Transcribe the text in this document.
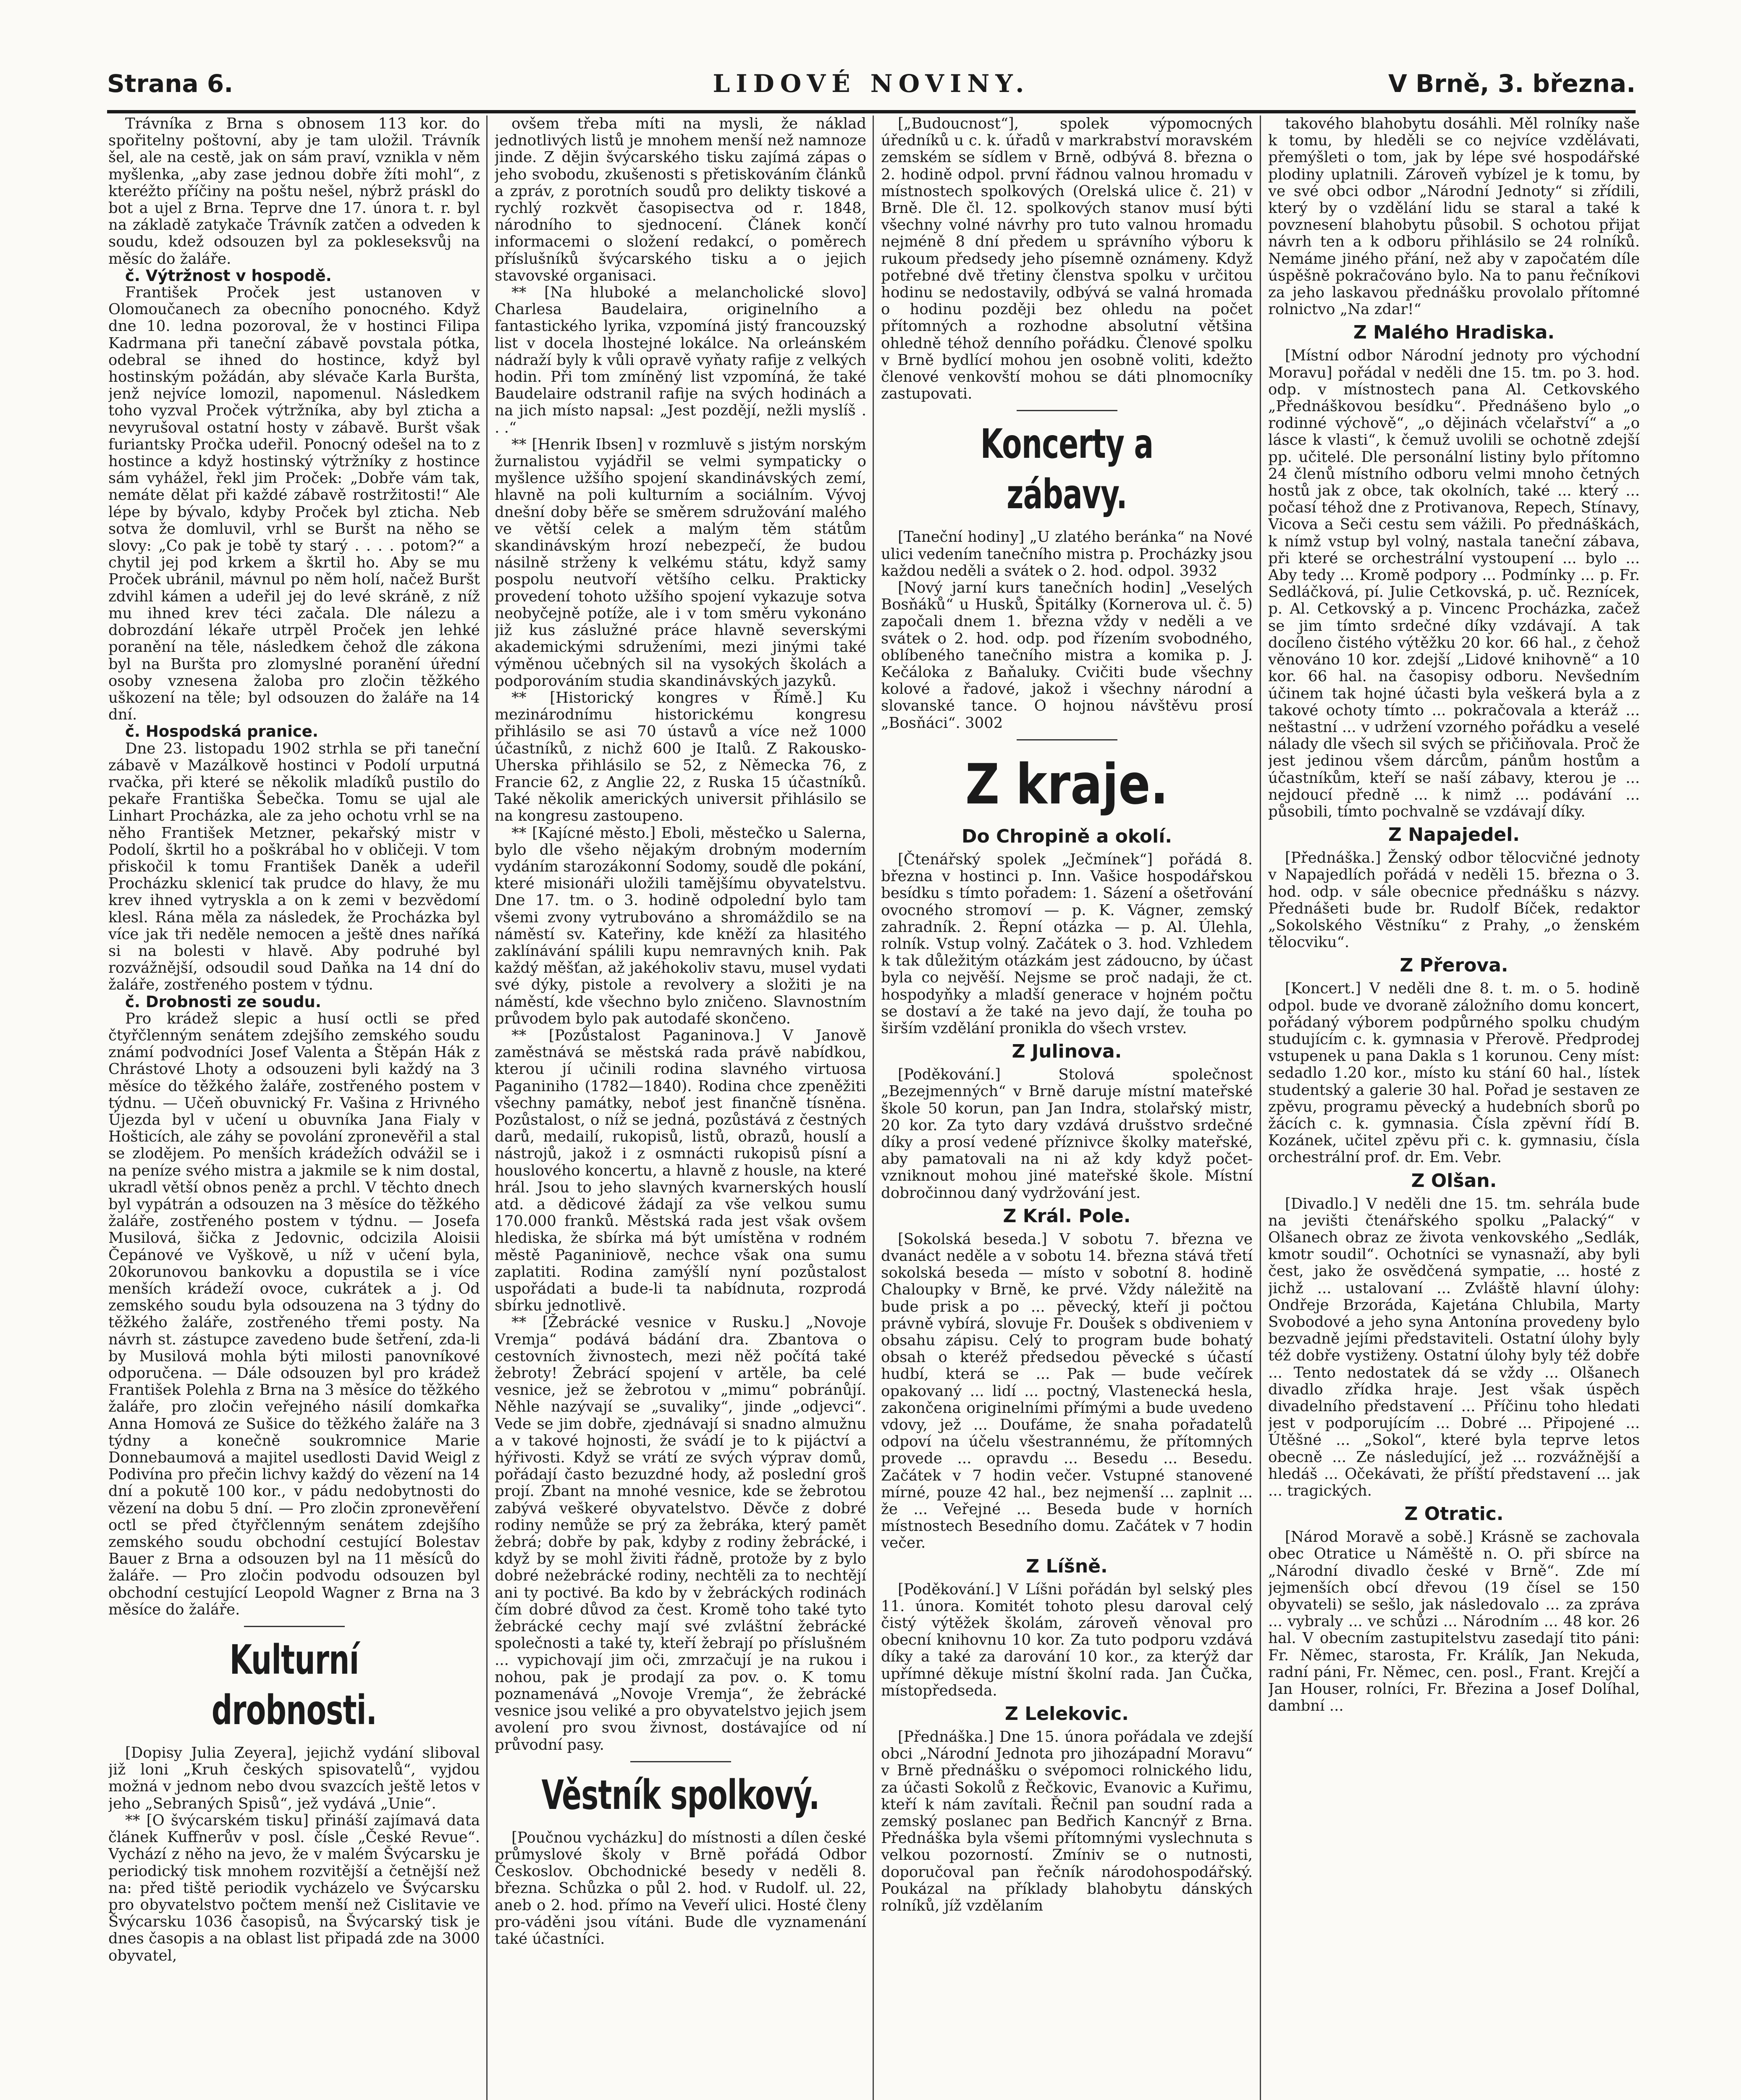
Strana 6.	LIDOVÉ NOVINY.	V Brně, 3. března.

Trávníka z Brna s obnosem 113 kor. do spořitelny poštovní, aby je tam uložil. Trávník šel, ale na cestě, jak on sám praví, vznikla v něm myšlenka, „aby zase jednou dobře žíti mohl“, z kteréžto příčiny na poštu nešel, nýbrž práskl do bot a ujel z Brna. Teprve dne 17. února t. r. byl na základě zatykače Trávník zatčen a odveden k soudu, kdež odsouzen byl za pokleseksvůj na měsíc do žaláře.

č. Výtržnost v hospodě.

František Proček jest ustanoven v Olomoučanech za obecního ponocného. Když dne 10. ledna pozoroval, že v hostinci Filipa Kadrmana při taneční zábavě povstala pótka, odebral se ihned do hostince, když byl hostinským požádán, aby slévače Karla Buršta, jenž nejvíce lomozil, napomenul. Následkem toho vyzval Proček výtržníka, aby byl zticha a nevyrušoval ostatní hosty v zábavě. Buršt však furiantsky Pročka udeřil. Ponocný odešel na to z hostince a když hostinský výtržníky z hostince sám vyhážel, řekl jim Proček: „Dobře vám tak, nemáte dělat při každé zábavě rostržitosti!“ Ale lépe by bývalo, kdyby Proček byl zticha. Neb sotva že domluvil, vrhl se Buršt na něho se slovy: „Co pak je tobě ty starý . . . . potom?“ a chytil jej pod krkem a škrtil ho. Aby se mu Proček ubránil, mávnul po něm holí, načež Buršt zdvihl kámen a udeřil jej do levé skráně, z níž mu ihned krev téci začala. Dle nálezu a dobrozdání lékaře utrpěl Proček jen lehké poranění na těle, následkem čehož dle zákona byl na Buršta pro zlomyslné poranění úřední osoby vznesena žaloba pro zločin těžkého uškození na těle; byl odsouzen do žaláře na 14 dní.

č. Hospodská pranice.

Dne 23. listopadu 1902 strhla se při taneční zábavě v Mazálkově hostinci v Podolí urputná rvačka, při které se několik mladíků pustilo do pekaře Františka Šebečka. Tomu se ujal ale Linhart Procházka, ale za jeho ochotu vrhl se na něho František Metzner, pekařský mistr v Podolí, škrtil ho a poškrábal ho v obličeji. V tom přiskočil k tomu František Daněk a udeřil Procházku sklenicí tak prudce do hlavy, že mu krev ihned vytryskla a on k zemi v bezvědomí klesl. Rána měla za následek, že Procházka byl více jak tři neděle nemocen a ještě dnes naříká si na bolesti v hlavě. Aby podruhé byl rozvážnější, odsoudil soud Daňka na 14 dní do žaláře, zostřeného postem v týdnu.

č. Drobnosti ze soudu.

Pro krádež slepic a husí octli se před čtyřčlenným senátem zdejšího zemského soudu známí podvodníci Josef Valenta a Štěpán Hák z Chrástové Lhoty a odsouzeni byli každý na 3 měsíce do těžkého žaláře, zostřeného postem v týdnu. — Učeň obuvnický Fr. Vašina z Hrivného Újezda byl v učení u obuvníka Jana Fialy v Hošticích, ale záhy se povolání zpronevěřil a stal se zlodějem. Po menších krádežích odvážil se i na peníze svého mistra a jakmile se k nim dostal, ukradl větší obnos peněz a prchl. V těchto dnech byl vypátrán a odsouzen na 3 měsíce do těžkého žaláře, zostřeného postem v týdnu. — Josefa Musilová, šička z Jedovnic, odcizila Aloisii Čepánové ve Vyškově, u níž v učení byla, 20korunovou bankovku a dopustila se i více menších krádeží ovoce, cukrátek a j. Od zemského soudu byla odsouzena na 3 týdny do těžkého žaláře, zostřeného třemi posty. Na návrh st. zástupce zavedeno bude šetření, zda-li by Musilová mohla býti milosti panovníkové odporučena. — Dále odsouzen byl pro krádež František Polehla z Brna na 3 měsíce do těžkého žaláře, pro zločin veřejného násilí domkařka Anna Homová ze Sušice do těžkého žaláře na 3 týdny a konečně soukromnice Marie Donnebaumová a majitel usedlosti David Weigl z Podivína pro přečin lichvy každý do vězení na 14 dní a pokutě 100 kor., v pádu nedobytnosti do vězení na dobu 5 dní. — Pro zločin zpronevěření octl se před čtyřčlenným senátem zdejšího zemského soudu obchodní cestující Bolestav Bauer z Brna a odsouzen byl na 11 měsíců do žaláře. — Pro zločin podvodu odsouzen byl obchodní cestující Leopold Wagner z Brna na 3 měsíce do žaláře.

Kulturní drobnosti.

[Dopisy Julia Zeyera], jejichž vydání sliboval již loni „Kruh českých spisovatelů“, vyjdou možná v jednom nebo dvou svazcích ještě letos v jeho „Sebraných Spisů“, jež vydává „Unie“.

** [O švýcarském tisku] přináší zajímavá data článek Kuffnerův v posl. čísle „České Revue“. Vychází z něho na jevo, že v malém Švýcarsku je periodický tisk mnohem rozvitější a četnější než na: před tiště periodik vycházelo ve Švýcarsku pro obyvatelstvo počtem menší než Cislitavie ve Švýcarsku 1036 časopisů, na Švýcarský tisk je dnes časopis a na oblast list připadá zde na 3000 obyvatel,

ovšem třeba míti na mysli, že náklad jednotlivých listů je mnohem menší než namnoze jinde. Z dějin švýcarského tisku zajímá zápas o jeho svobodu, zkušenosti s přetiskováním článků a zpráv, z porotních soudů pro delikty tiskové a rychlý rozkvět časopisectva od r. 1848, národního to sjednocení. Článek končí informacemi o složení redakcí, o poměrech příslušníků švýcarského tisku a o jejich stavovské organisaci.

** [Na hluboké a melancholické slovo] Charlesa Baudelaira, originelního a fantastického lyrika, vzpomíná jistý francouzský list v docela lhostejné lokálce. Na orleánském nádraží byly k vůli opravě vyňaty rafije z velkých hodin. Při tom zmíněný list vzpomíná, že také Baudelaire odstranil rafije na svých hodinách a na jich místo napsal: „Jest pozdějí, nežli myslíš . . .“

** [Henrik Ibsen] v rozmluvě s jistým norským žurnalistou vyjádřil se velmi sympaticky o myšlence užšího spojení skandinávských zemí, hlavně na poli kulturním a sociálním. Vývoj dnešní doby běře se směrem sdružování malého ve větší celek a malým těm státům skandinávským hrozí nebezpečí, že budou násilně strženy k velkému státu, když samy pospolu neutvoří většího celku. Prakticky provedení tohoto užšího spojení vykazuje sotva neobyčejně potíže, ale i v tom směru vykonáno již kus záslužné práce hlavně severskými akademickými sdruženími, mezi jinými také výměnou učebných sil na vysokých školách a podporováním studia skandinávských jazyků.

** [Historický kongres v Římě.] Ku mezinárodnímu historickému kongresu přihlásilo se asi 70 ústavů a více než 1000 účastníků, z nichž 600 je Italů. Z Rakousko-Uherska přihlásilo se 52, z Německa 76, z Francie 62, z Anglie 22, z Ruska 15 účastníků. Také několik amerických universit přihlásilo se na kongresu zastoupeno.

** [Kajícné město.] Eboli, městečko u Salerna, bylo dle všeho nějakým drobným moderním vydáním starozákonní Sodomy, soudě dle pokání, které misionáři uložili tamějšímu obyvatelstvu. Dne 17. tm. o 3. hodině odpolední bylo tam všemi zvony vytrubováno a shromáždilo se na náměstí sv. Kateřiny, kde kněží za hlasitého zaklínávání spálili kupu nemravných knih. Pak každý měšťan, až jakéhokoliv stavu, musel vydati své dýky, pistole a revolvery a složiti je na náměstí, kde všechno bylo zničeno. Slavnostním průvodem bylo pak autodafé skončeno.

** [Pozůstalost Paganinova.] V Janově zaměstnává se městská rada právě nabídkou, kterou jí učinili rodina slavného virtuosa Paganiniho (1782—1840). Rodina chce zpeněžiti všechny památky, neboť jest finančně tísněna. Pozůstalost, o níž se jedná, pozůstává z čestných darů, medailí, rukopisů, listů, obrazů, houslí a nástrojů, jakož i z osmnácti rukopisů písní a houslového koncertu, a hlavně z housle, na které hrál. Jsou to jeho slavných kvarnerských houslí atd. a dědicové žádají za vše velkou sumu 170.000 franků. Městská rada jest však ovšem hlediska, že sbírka má být umístěna v rodném městě Paganiniově, nechce však ona sumu zaplatiti. Rodina zamýšlí nyní pozůstalost uspořádati a bude-li ta nabídnuta, rozprodá sbírku jednotlivě.

** [Žebrácké vesnice v Rusku.] „Novoje Vremja“ podává bádání dra. Zbantova o cestovních živnostech, mezi něž počítá také žebroty! Žebrácí spojení v artěle, ba celé vesnice, jež se žebrotou v „mimu“ pobránůjí. Něhle nazývají se „suvaliky“, jinde „odjevci“. Vede se jim dobře, zjednávají si snadno almužnu a v takové hojnosti, že svádí je to k pijáctví a hýřivosti. Když se vrátí ze svých výprav domů, pořádají často bezuzdné hody, až poslední groš projí. Zbant na mnohé vesnice, kde se žebrotou zabývá veškeré obyvatelstvo. Děvče z dobré rodiny nemůže se prý za žebráka, který pamět žebrá; dobře by pak, kdyby z rodiny žebrácké, i když by se mohl živiti řádně, protože by z bylo dobré nežebrácké rodiny, nechtěli za to nechtějí ani ty poctivé. Ba kdo by v žebráckých rodinách čím dobré důvod za čest. Kromě toho také tyto žebrácké cechy mají své zvláštní žebrácké společnosti a také ty, kteří žebrají po příslušném ... vypichovají jim oči, zmrzačují je na rukou i nohou, pak je prodají za pov. o. K tomu poznamenává „Novoje Vremja“, že žebrácké vesnice jsou veliké a pro obyvatelstvo jejich jsem avolení pro svou živnost, dostávajíce od ní průvodní pasy.

Věstník spolkový.

[Poučnou vycházku] do místnosti a dílen české průmyslové školy v Brně pořádá Odbor Českoslov. Obchodnické besedy v neděli 8. března. Schůzka o půl 2. hod. v Rudolf. ul. 22, aneb o 2. hod. přímo na Veveří ulici. Hosté členy pro-váděni jsou vítáni. Bude dle vyznamenání také účastníci.

[„Budoucnost“], spolek výpomocných úředníků u c. k. úřadů v markrabství moravském zemském se sídlem v Brně, odbývá 8. března o 2. hodině odpol. první řádnou valnou hromadu v místnostech spolkových (Orelská ulice č. 21) v Brně. Dle čl. 12. spolkových stanov musí býti všechny volné návrhy pro tuto valnou hromadu nejméně 8 dní předem u správního výboru k rukoum předsedy jeho písemně oznámeny. Když potřebné dvě třetiny členstva spolku v určitou hodinu se nedostavily, odbývá se valná hromada o hodinu později bez ohledu na počet přítomných a rozhodne absolutní většina ohledně téhož denního pořádku. Členové spolku v Brně bydlící mohou jen osobně voliti, kdežto členové venkovští mohou se dáti plnomocníky zastupovati.

Koncerty a zábavy.

[Taneční hodiny] „U zlatého beránka“ na Nové ulici vedením tanečního mistra p. Procházky jsou každou neděli a svátek o 2. hod. odpol. 3932

[Nový jarní kurs tanečních hodin] „Veselých Bosňáků“ u Husků, Špitálky (Kornerova ul. č. 5) započali dnem 1. března vždy v neděli a ve svátek o 2. hod. odp. pod řízením svobodného, oblíbeného tanečního mistra a komika p. J. Kečáloka z Baňaluky. Cvičiti bude všechny kolové a řadové, jakož i všechny národní a slovanské tance. O hojnou návštěvu prosí „Bosňáci“. 3002

Z kraje.
Do Chropině a okolí.

[Čtenářský spolek „Ječmínek“] pořádá 8. března v hostinci p. Inn. Vašice hospodářskou besídku s tímto pořadem: 1. Sázení a ošetřování ovocného stromoví — p. K. Vágner, zemský zahradník. 2. Řepní otázka — p. Al. Úlehla, rolník. Vstup volný. Začátek o 3. hod. Vzhledem k tak důležitým otázkám jest zádoucno, by účast byla co nejvěší. Nejsme se proč nadaji, že ct. hospodyňky a mladší generace v hojném počtu se dostaví a že také na jevo dají, že touha po širším vzdělání pronikla do všech vrstev.

Z Julinova.

[Poděkování.] Stolová společnost „Bezejmenných“ v Brně daruje místní mateřské škole 50 korun, pan Jan Indra, stolařský mistr, 20 kor. Za tyto dary vzdává drušstvo srdečné díky a prosí vedené příznivce školky mateřské, aby pamatovali na ni až kdy když počet-vzniknout mohou jiné mateřské škole. Místní dobročinnou daný vydržování jest.

Z Král. Pole.

[Sokolská beseda.] V sobotu 7. března ve dvanáct neděle a v sobotu 14. března stává třetí sokolská beseda — místo v sobotní 8. hodině Chaloupky v Brně, ke prvé. Vždy náležitě na bude prisk a po ... pěvecký, kteří ji počtou právně vybírá, slovuje Fr. Doušek s obdiveniem v obsahu zápisu. Celý to program bude bohatý obsah o kteréž předsedou pěvecké s účastí hudbí, která se ... Pak — bude večírek opakovaný ... lidí ... poctný, Vlastenecká hesla, zakončena originelními přímými a bude uvedeno vdovy, jež ... Doufáme, že snaha pořadatelů odpoví na účelu všestrannému, že přítomných provede ... opravdu ... Besedu ... Besedu. Začátek v 7 hodin večer. Vstupné stanovené mírné, pouze 42 hal., bez nejmenší ... zaplnit ... že ... Veřejné ... Beseda bude v horních místnostech Besedního domu. Začátek v 7 hodin večer.

Z Líšně.

[Poděkování.] V Líšni pořádán byl selský ples 11. února. Komitét tohoto plesu daroval celý čistý výtěžek školám, zároveň věnoval pro obecní knihovnu 10 kor. Za tuto podporu vzdává díky a také za darování 10 kor., za kterýž dar upřímné děkuje místní školní rada. Jan Čučka, místopředseda.

Z Lelekovic.

[Přednáška.] Dne 15. února pořádala ve zdejší obci „Národní Jednota pro jihozápadní Moravu“ v Brně přednášku o svépomoci rolnického lidu, za účasti Sokolů z Řečkovic, Evanovic a Kuřimu, kteří k nám zavítali. Řečnil pan soudní rada a zemský poslanec pan Bedřich Kancnýř z Brna. Přednáška byla všemi přítomnými vyslechnuta s velkou pozorností. Zmíniv se o nutnosti, doporučoval pan řečník národohospodářský. Poukázal na příklady blahobytu dánských rolníků, jíž vzdělaním

takového blahobytu dosáhli. Měl rolníky naše k tomu, by hleděli se co nejvíce vzdělávati, přemýšleti o tom, jak by lépe své hospodářské plodiny uplatnili. Zároveň vybízel je k tomu, by ve své obci odbor „Národní Jednoty“ si zřídili, který by o vzdělání lidu se staral a také k povznesení blahobytu působil. S ochotou přijat návrh ten a k odboru přihlásilo se 24 rolníků. Nemáme jiného přání, než aby v započatém díle úspěšně pokračováno bylo. Na to panu řečníkovi za jeho laskavou přednášku provolalo přítomné rolnictvo „Na zdar!“

Z Malého Hradiska.

[Místní odbor Národní jednoty pro východní Moravu] pořádal v neděli dne 15. tm. po 3. hod. odp. v místnostech pana Al. Cetkovského „Přednáškovou besídku“. Přednášeno bylo „o rodinné výchově“, „o dějinách včelařství“ a „o lásce k vlasti“, k čemuž uvolili se ochotně zdejší pp. učitelé. Dle personální listiny bylo přítomno 24 členů místního odboru velmi mnoho četných hostů jak z obce, tak okolních, také ... který ... počasí téhož dne z Protivanova, Repech, Stínavy, Vicova a Seči cestu sem vážili. Po přednáškách, k nímž vstup byl volný, nastala taneční zábava, při které se orchestrální vystoupení ... bylo ... Aby tedy ... Kromě podpory ... Podmínky ... p. Fr. Sedláčková, pí. Julie Cetkovská, p. uč. Reznícek, p. Al. Cetkovský a p. Vincenc Procházka, začež se jim tímto srdečné díky vzdávají. A tak docíleno čistého výtěžku 20 kor. 66 hal., z čehož věnováno 10 kor. zdejší „Lidové knihovně“ a 10 kor. 66 hal. na časopisy odboru. Nevšedním účinem tak hojné účasti byla veškerá byla a z takové ochoty tímto ... pokračovala a kteráž ... neštastní ... v udržení vzorného pořádku a veselé nálady dle všech sil svých se přičiňovala. Proč že jest jedinou všem dárcům, pánům hostům a účastníkům, kteří se naší zábavy, kterou je ... nejdoucí předně ... k nimž ... podávání ... působili, tímto pochvalně se vzdávají díky.

Z Napajedel.

[Přednáška.] Ženský odbor tělocvičné jednoty v Napajedlích pořádá v neděli 15. března o 3. hod. odp. v sále obecnice přednášku s názvy. Přednášeti bude br. Rudolf Bíček, redaktor „Sokolského Věstníku“ z Prahy, „o ženském tělocviku“.

Z Přerova.

[Koncert.] V neděli dne 8. t. m. o 5. hodině odpol. bude ve dvoraně záložního domu koncert, pořádaný výborem podpůrného spolku chudým studujícím c. k. gymnasia v Přerově. Předprodej vstupenek u pana Dakla s 1 korunou. Ceny míst: sedadlo 1.20 kor., místo ku stání 60 hal., lístek studentský a galerie 30 hal. Pořad je sestaven ze zpěvu, programu pěvecký a hudebních sborů po žácích c. k. gymnasia. Čísla zpěvní řídí B. Kozánek, učitel zpěvu při c. k. gymnasiu, čísla orchestrální prof. dr. Em. Vebr.

Z Olšan.

[Divadlo.] V neděli dne 15. tm. sehrála bude na jevišti čtenářského spolku „Palacký“ v Olšanech obraz ze života venkovského „Sedlák, kmotr soudil“. Ochotníci se vynasnaží, aby byli čest, jako že osvědčená sympatie, ... hosté z jichž ... ustalovaní ... Zvláště hlavní úlohy: Ondřeje Brzoráda, Kajetána Chlubila, Marty Svobodové a jeho syna Antonína provedeny bylo bezvadně jejími představiteli. Ostatní úlohy byly též dobře vystiženy. Ostatní úlohy byly též dobře ... Tento nedostatek dá se vždy ... Olšanech divadlo zřídka hraje. Jest však úspěch divadelního představení ... Příčinu toho hledati jest v podporujícím ... Dobré ... Připojené ... Útěšné ... „Sokol“, které byla teprve letos obecně ... Ze následující, jež ... rozvážnější a hledáš ... Očekávati, že příští představení ... jak ... tragických.

Z Otratic.

[Národ Moravě a sobě.] Krásně se zachovala obec Otratice u Náměště n. O. při sbírce na „Národní divadlo české v Brně“. Zde mí jejmenších obcí dřevou (19 čísel se 150 obyvateli) se sešlo, jak následovalo ... za zpráva ... vybraly ... ve schůzi ... Národním ... 48 kor. 26 hal. V obecním zastupitelstvu zasedají tito páni: Fr. Němec, starosta, Fr. Králík, Jan Nekuda, radní páni, Fr. Němec, cen. posl., Frant. Krejčí a Jan Houser, rolníci, Fr. Březina a Josef Dolíhal, dambní ...
